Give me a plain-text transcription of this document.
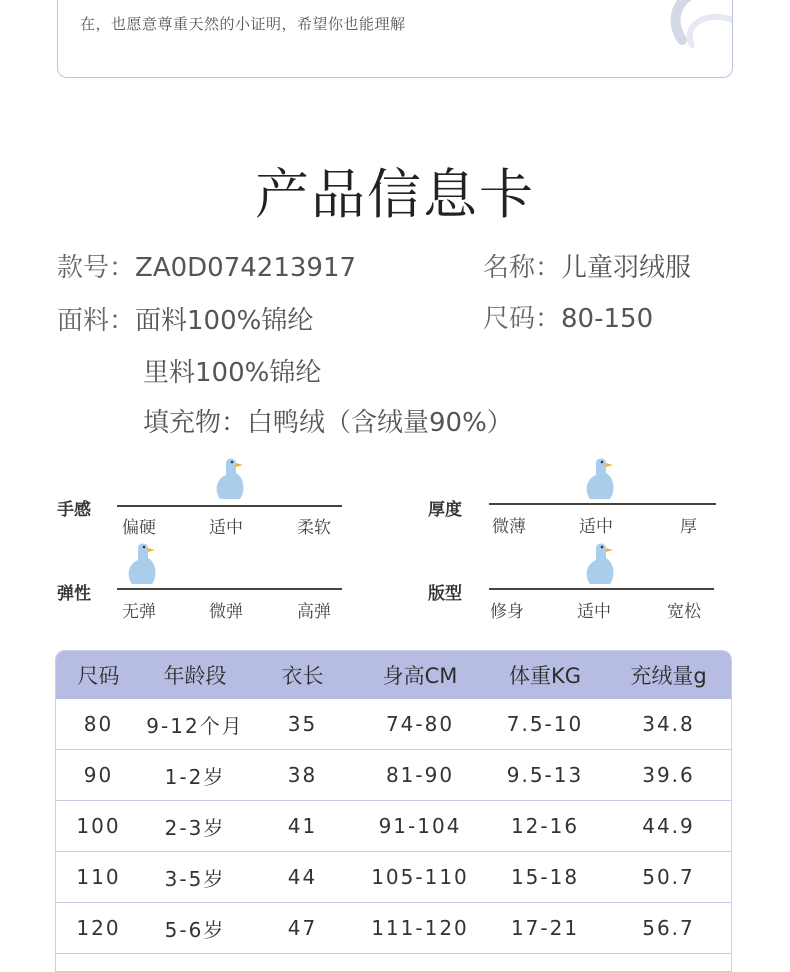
在，也愿意尊重天然的小证明，希望你也能理解
产品信息卡
款号：ZA0D074213917	名称：儿童羽绒服
面料：面料100%锦纶	尺码：80-150
里料100%锦纶
填充物：白鸭绒（含绒量90%）
手感
偏硬	适中	柔软
厚度
微薄	适中	厚
弹性
无弹	微弹	高弹
版型
修身	适中	宽松
尺码	年龄段	衣长	身高CM	体重KG	充绒量g
80	9-12个月	35	74-80	7.5-10	34.8
90	1-2岁	38	81-90	9.5-13	39.6
100	2-3岁	41	91-104	12-16	44.9
110	3-5岁	44	105-110	15-18	50.7
120	5-6岁	47	111-120	17-21	56.7
